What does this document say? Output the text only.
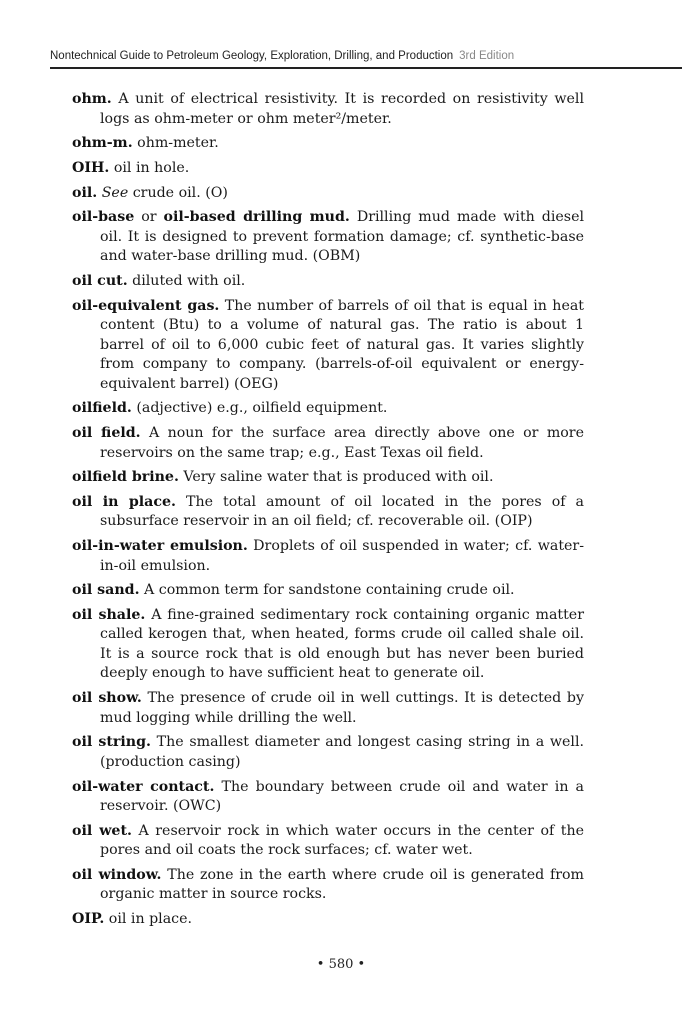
Nontechnical Guide to Petroleum Geology, Exploration, Drilling, and Production 3rd Edition

ohm. A unit of electrical resistivity. It is recorded on resistivity well logs as ohm-meter or ohm meter²/meter.

ohm-m. ohm-meter.

OIH. oil in hole.

oil. See crude oil. (O)

oil-base or oil-based drilling mud. Drilling mud made with diesel oil. It is designed to prevent formation damage; cf. synthetic-base and water-base drilling mud. (OBM)

oil cut. diluted with oil.

oil-equivalent gas. The number of barrels of oil that is equal in heat content (Btu) to a volume of natural gas. The ratio is about 1 barrel of oil to 6,000 cubic feet of natural gas. It varies slightly from company to company. (barrels-of-oil equivalent or energy-equivalent barrel) (OEG)

oilfield. (adjective) e.g., oilfield equipment.

oil field. A noun for the surface area directly above one or more reservoirs on the same trap; e.g., East Texas oil field.

oilfield brine. Very saline water that is produced with oil.

oil in place. The total amount of oil located in the pores of a subsurface reservoir in an oil field; cf. recoverable oil. (OIP)

oil-in-water emulsion. Droplets of oil suspended in water; cf. water-in-oil emulsion.

oil sand. A common term for sandstone containing crude oil.

oil shale. A fine-grained sedimentary rock containing organic matter called kerogen that, when heated, forms crude oil called shale oil. It is a source rock that is old enough but has never been buried deeply enough to have sufficient heat to generate oil.

oil show. The presence of crude oil in well cuttings. It is detected by mud logging while drilling the well.

oil string. The smallest diameter and longest casing string in a well. (production casing)

oil-water contact. The boundary between crude oil and water in a reservoir. (OWC)

oil wet. A reservoir rock in which water occurs in the center of the pores and oil coats the rock surfaces; cf. water wet.

oil window. The zone in the earth where crude oil is generated from organic matter in source rocks.

OIP. oil in place.

• 580 •
